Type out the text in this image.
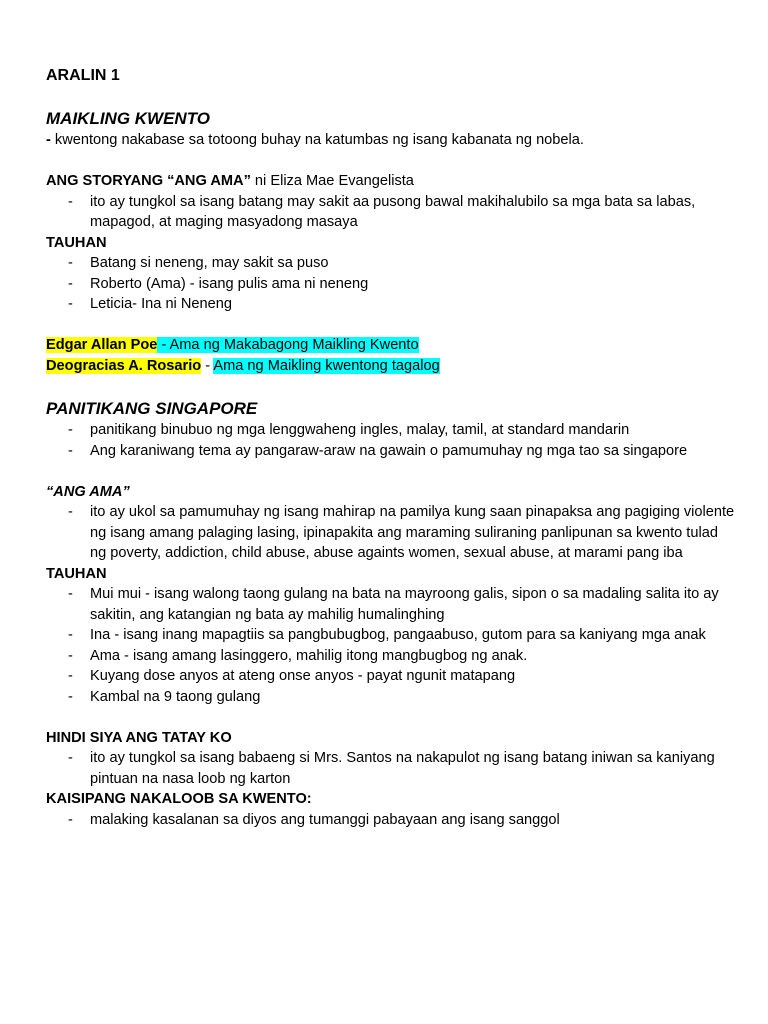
ARALIN 1
MAIKLING KWENTO
- kwentong nakabase sa totoong buhay na katumbas ng isang kabanata ng nobela.
ANG STORYANG “ANG AMA” ni Eliza Mae Evangelista
- ito ay tungkol sa isang batang may sakit aa pusong bawal makihalubilo sa mga bata sa labas, mapagod, at maging masyadong masaya
TAUHAN
- Batang si neneng, may sakit sa puso
- Roberto (Ama) - isang pulis ama ni neneng
- Leticia- Ina ni Neneng
Edgar Allan Poe - Ama ng Makabagong Maikling Kwento
Deogracias A. Rosario - Ama ng Maikling kwentong tagalog
PANITIKANG SINGAPORE
- panitikang binubuo ng mga lenggwaheng ingles, malay, tamil, at standard mandarin
- Ang karaniwang tema ay pangaraw-araw na gawain o pamumuhay ng mga tao sa singapore
“ANG AMA”
- ito ay ukol sa pamumuhay ng isang mahirap na pamilya kung saan pinapaksa ang pagiging violente ng isang amang palaging lasing, ipinapakita ang maraming suliraning panlipunan sa kwento tulad ng poverty, addiction, child abuse, abuse againts women, sexual abuse, at marami pang iba
TAUHAN
- Mui mui - isang walong taong gulang na bata na mayroong galis, sipon o sa madaling salita ito ay sakitin, ang katangian ng bata ay mahilig humalinghing
- Ina - isang inang mapagtiis sa pangbubugbog, pangaabuso, gutom para sa kaniyang mga anak
- Ama - isang amang lasinggero, mahilig itong mangbugbog ng anak.
- Kuyang dose anyos at ateng onse anyos - payat ngunit matapang
- Kambal na 9 taong gulang
HINDI SIYA ANG TATAY KO
- ito ay tungkol sa isang babaeng si Mrs. Santos na nakapulot ng isang batang iniwan sa kaniyang pintuan na nasa loob ng karton
KAISIPANG NAKALOOB SA KWENTO:
- malaking kasalanan sa diyos ang tumanggi pabayaan ang isang sanggol
